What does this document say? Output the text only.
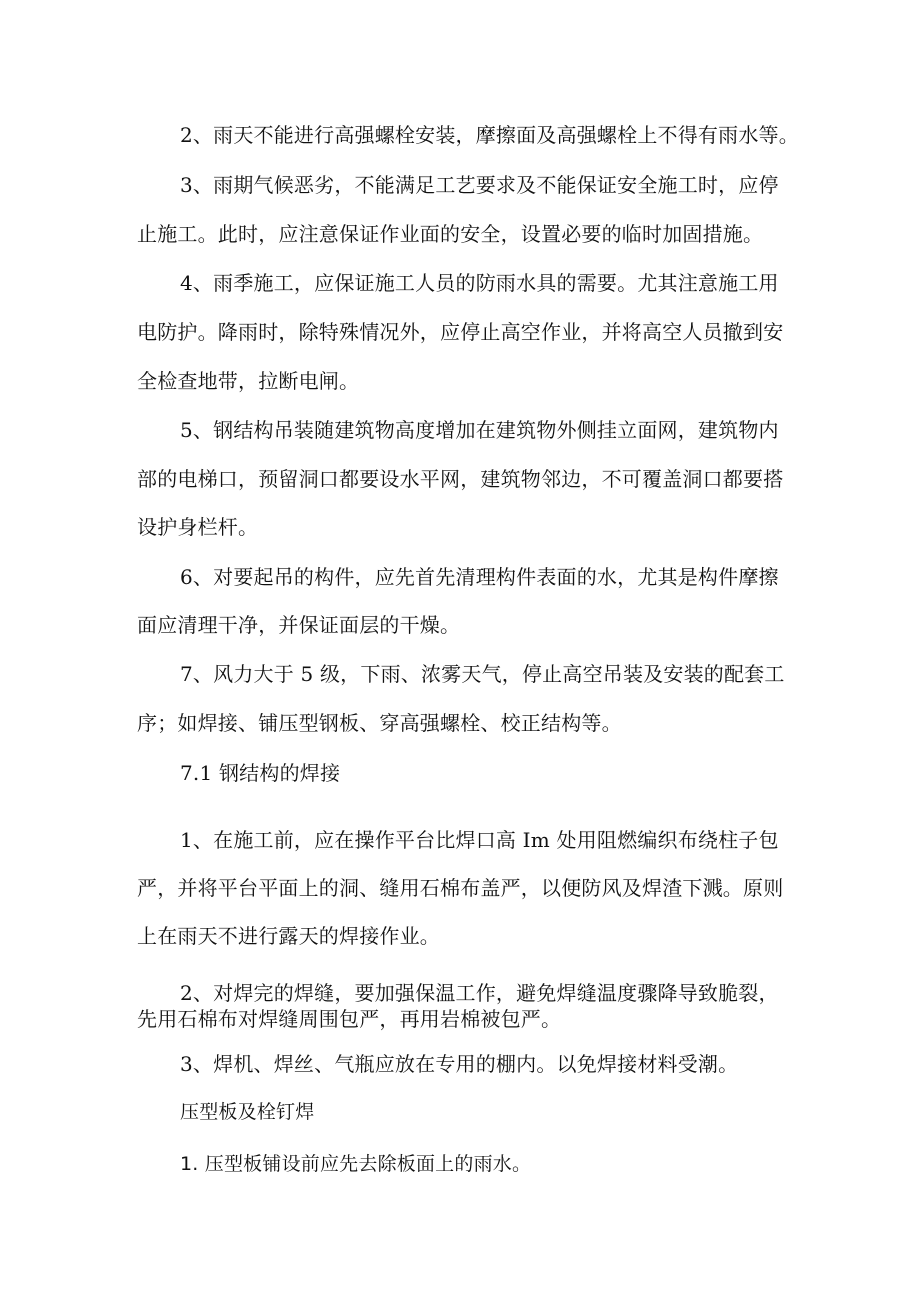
2、雨天不能进行高强螺栓安装，摩擦面及高强螺栓上不得有雨水等。
3、雨期气候恶劣，不能满足工艺要求及不能保证安全施工时，应停
止施工。此时，应注意保证作业面的安全，设置必要的临时加固措施。
4、雨季施工，应保证施工人员的防雨水具的需要。尤其注意施工用
电防护。降雨时，除特殊情况外，应停止高空作业，并将高空人员撤到安
全检查地带，拉断电闸。
5、钢结构吊装随建筑物高度增加在建筑物外侧挂立面网，建筑物内
部的电梯口，预留洞口都要设水平网，建筑物邻边，不可覆盖洞口都要搭
设护身栏杆。
6、对要起吊的构件，应先首先清理构件表面的水，尤其是构件摩擦
面应清理干净，并保证面层的干燥。
7、风力大于 5 级，下雨、浓雾天气，停止高空吊装及安装的配套工
序；如焊接、铺压型钢板、穿高强螺栓、校正结构等。
7.1 钢结构的焊接
1、在施工前，应在操作平台比焊口高 Im 处用阻燃编织布绕柱子包
严，并将平台平面上的洞、缝用石棉布盖严，以便防风及焊渣下溅。原则
上在雨天不进行露天的焊接作业。
2、对焊完的焊缝，要加强保温工作，避免焊缝温度骤降导致脆裂，
先用石棉布对焊缝周围包严，再用岩棉被包严。
3、焊机、焊丝、气瓶应放在专用的棚内。以免焊接材料受潮。
压型板及栓钉焊
1. 压型板铺设前应先去除板面上的雨水。
